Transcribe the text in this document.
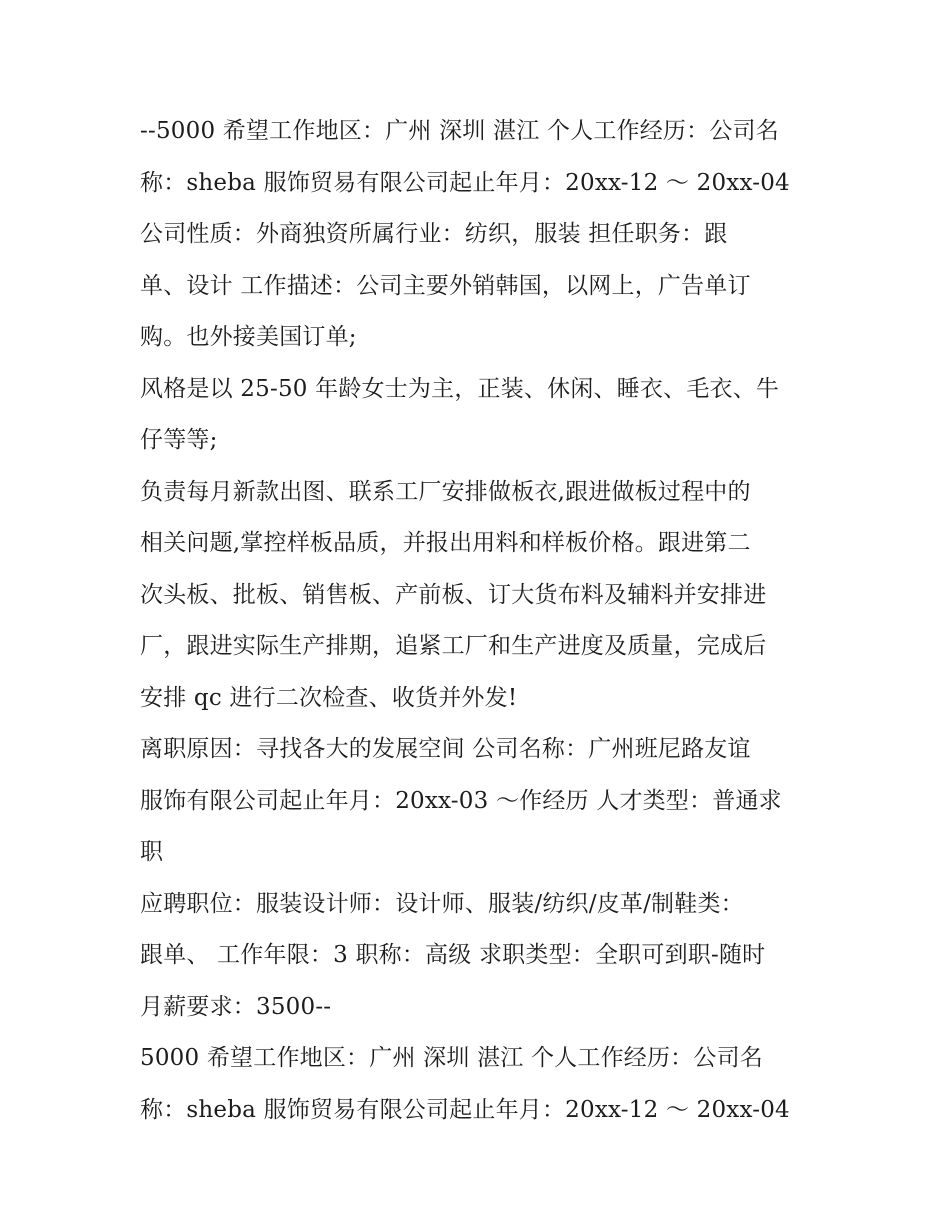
--5000 希望工作地区：广州 深圳 湛江 个人工作经历：公司名
称：sheba 服饰贸易有限公司起止年月：20xx-12 ～ 20xx-04
公司性质：外商独资所属行业：纺织，服装 担任职务：跟
单、设计 工作描述：公司主要外销韩国，以网上，广告单订
购。也外接美国订单;
风格是以 25-50 年龄女士为主，正装、休闲、睡衣、毛衣、牛
仔等等;
负责每月新款出图、联系工厂安排做板衣,跟进做板过程中的
相关问题,掌控样板品质，并报出用料和样板价格。跟进第二
次头板、批板、销售板、产前板、订大货布料及辅料并安排进
厂，跟进实际生产排期，追紧工厂和生产进度及质量，完成后
安排 qc 进行二次检查、收货并外发!
离职原因：寻找各大的发展空间 公司名称：广州班尼路友谊
服饰有限公司起止年月：20xx-03 ～作经历 人才类型：普通求
职
应聘职位：服装设计师：设计师、服装/纺织/皮革/制鞋类：
跟单、 工作年限：3 职称：高级 求职类型：全职可到职-随时
月薪要求：3500--
5000 希望工作地区：广州 深圳 湛江 个人工作经历：公司名
称：sheba 服饰贸易有限公司起止年月：20xx-12 ～ 20xx-04
